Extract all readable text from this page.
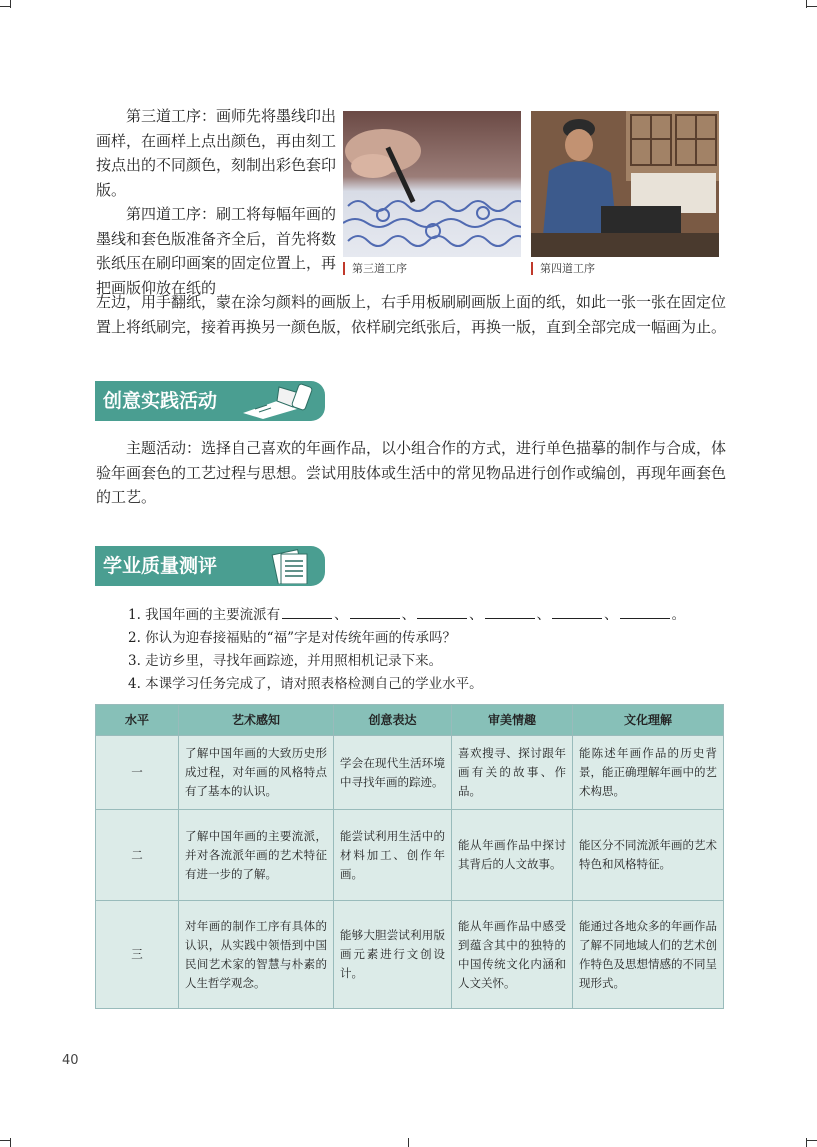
第三道工序：画师先将墨线印出画样，在画样上点出颜色，再由刻工按点出的不同颜色，刻制出彩色套印版。

第四道工序：刷工将每幅年画的墨线和套色版准备齐全后，首先将数张纸压在刷印画案的固定位置上，再把画版仰放在纸的

第三道工序	第四道工序
左边，用手翻纸，蒙在涂匀颜料的画版上，右手用板刷刷画版上面的纸，如此一张一张在固定位置上将纸刷完，接着再换另一颜色版，依样刷完纸张后，再换一版，直到全部完成一幅画为止。
创意实践活动

主题活动：选择自己喜欢的年画作品，以小组合作的方式，进行单色描摹的制作与合成，体验年画套色的工艺过程与思想。尝试用肢体或生活中的常见物品进行创作或编创，再现年画套色的工艺。

学业质量测评
1. 我国年画的主要流派有	、	、	、	、	、	。
2. 你认为迎春接福贴的“福”字是对传统年画的传承吗？
3. 走访乡里，寻找年画踪迹，并用照相机记录下来。
4. 本课学习任务完成了，请对照表格检测自己的学业水平。
水平	艺术感知	创意表达	审美情趣	文化理解
一	了解中国年画的大致历史形成过程，对年画的风格特点有了基本的认识。	学会在现代生活环境中寻找年画的踪迹。	喜欢搜寻、探讨跟年画有关的故事、作品。	能陈述年画作品的历史背景，能正确理解年画中的艺术构思。
二	了解中国年画的主要流派，并对各流派年画的艺术特征有进一步的了解。	能尝试利用生活中的材料加工、创作年画。	能从年画作品中探讨其背后的人文故事。	能区分不同流派年画的艺术特色和风格特征。
三	对年画的制作工序有具体的认识，从实践中领悟到中国民间艺术家的智慧与朴素的人生哲学观念。	能够大胆尝试利用版画元素进行文创设计。	能从年画作品中感受到蕴含其中的独特的中国传统文化内涵和人文关怀。	能通过各地众多的年画作品了解不同地域人们的艺术创作特色及思想情感的不同呈现形式。
40
